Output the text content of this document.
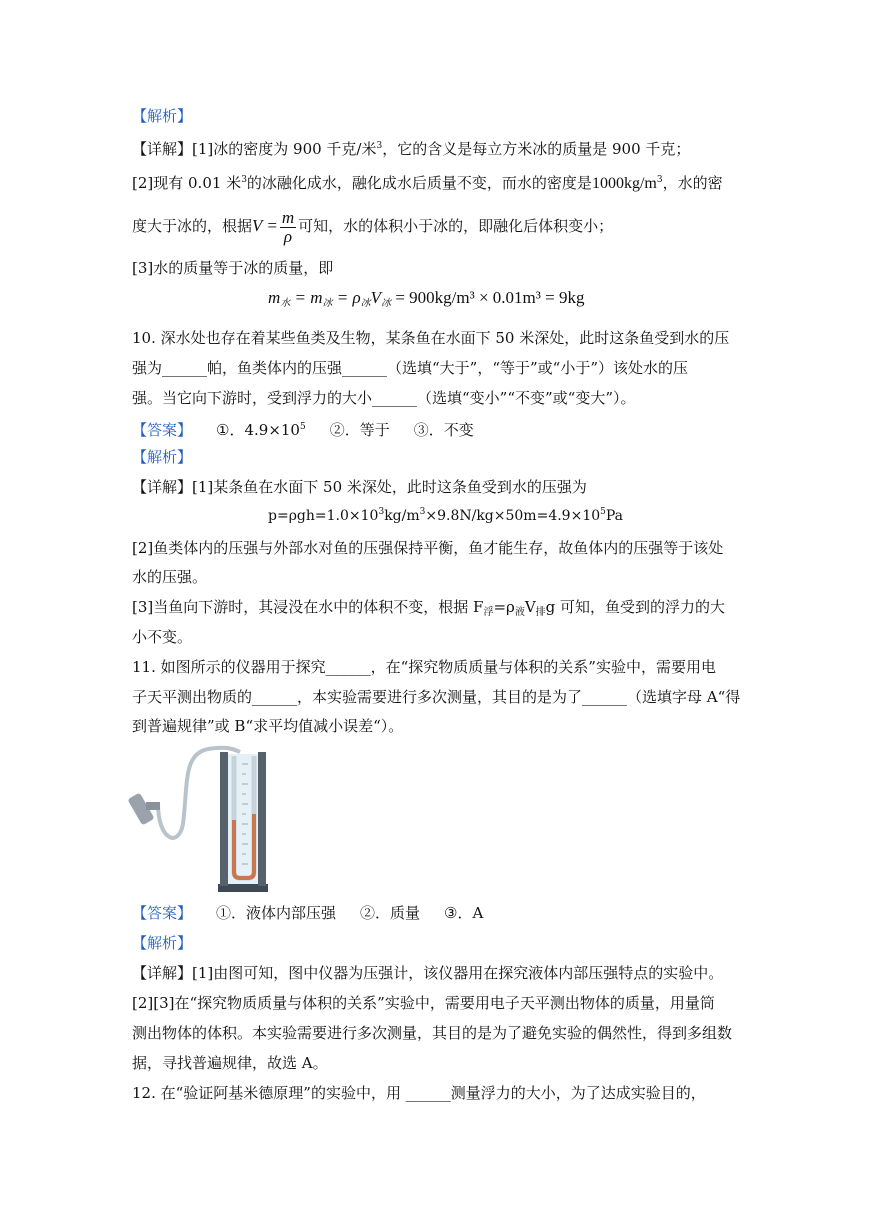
【解析】
【详解】[1]冰的密度为 900 千克/米$^3$，它的含义是每立方米冰的质量是 900 千克；
[2]现有 0.01 米$^3$的冰融化成水，融化成水后质量不变，而水的密度是$1000kg/m^3$，水的密
度大于冰的，根据$V = \frac{m}{\rho}$ 可知，水的体积小于冰的，即融化后体积变小；
[3]水的质量等于冰的质量，即
m水 = m冰 = ρ冰V冰 = 900kg/m³ × 0.01m³ = 9kg
10. 深水处也存在着某些鱼类及生物，某条鱼在水面下 50 米深处，此时这条鱼受到水的压
强为______帕，鱼类体内的压强______（选填“大于”，“等于”或“小于”）该处水的压
强。当它向下游时，受到浮力的大小______（选填“变小”“不变”或“变大”）。
【答案】 ①．$4.9\times 10^5$ ②．等于 ③．不变
【解析】
【详解】[1]某条鱼在水面下 50 米深处，此时这条鱼受到水的压强为
$p=\rho gh=1.0\times 10^3kg/m^3\times 9.8N/kg\times 50m=4.9\times 10^5Pa$
[2]鱼类体内的压强与外部水对鱼的压强保持平衡，鱼才能生存，故鱼体内的压强等于该处
水的压强。
[3]当鱼向下游时，其浸没在水中的体积不变，根据 $F_浮=\rho_液V_排g$ 可知，鱼受到的浮力的大
小不变。
11. 如图所示的仪器用于探究______，在“探究物质质量与体积的关系”实验中，需要用电
子天平测出物质的______，本实验需要进行多次测量，其目的是为了______（选填字母 A“得
到普遍规律”或 B“求平均值减小误差“）。
【答案】 ①．液体内部压强 ②．质量 ③．A
【解析】
【详解】[1]由图可知，图中仪器为压强计，该仪器用在探究液体内部压强特点的实验中。
[2][3]在“探究物质质量与体积的关系”实验中，需要用电子天平测出物体的质量，用量筒
测出物体的体积。本实验需要进行多次测量，其目的是为了避免实验的偶然性，得到多组数
据，寻找普遍规律，故选 A。
12. 在“验证阿基米德原理”的实验中，用 ______测量浮力的大小，为了达成实验目的，
